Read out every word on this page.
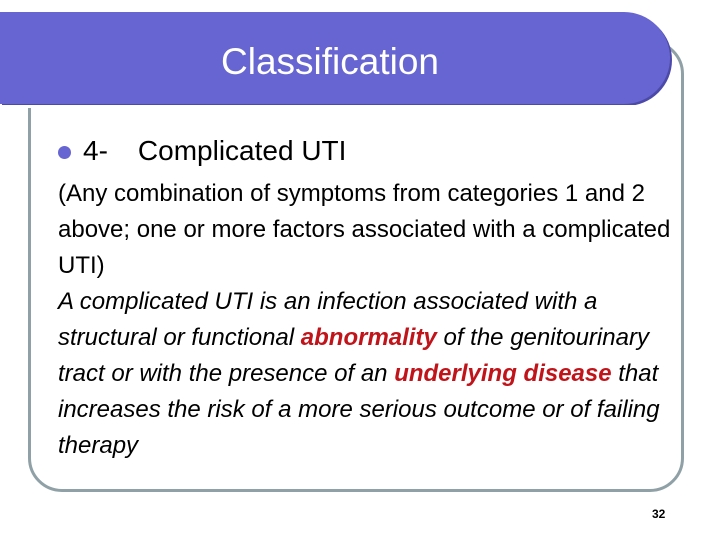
Classification
4- Complicated UTI
(Any combination of symptoms from categories 1 and 2 above; one or more factors associated with a complicated UTI)
A complicated UTI is an infection associated with a structural or functional abnormality of the genitourinary tract or with the presence of an underlying disease that increases the risk of a more serious outcome or of failing therapy
32
